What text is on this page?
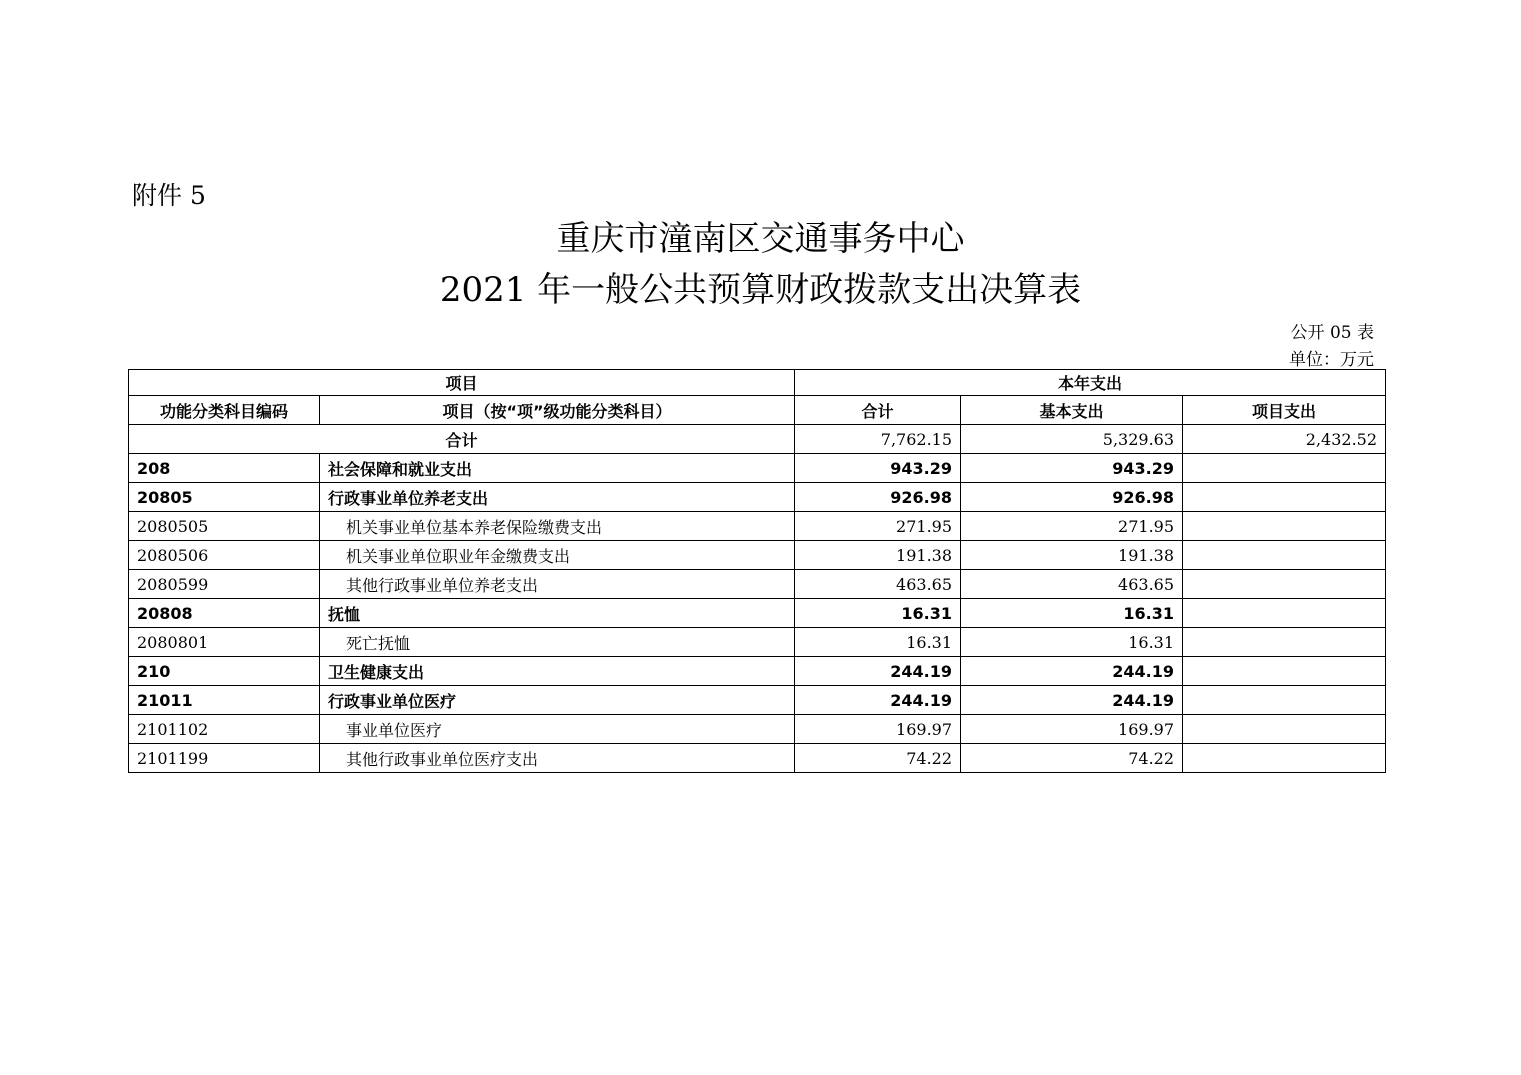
附件 5
重庆市潼南区交通事务中心
2021 年一般公共预算财政拨款支出决算表
公开 05 表
单位：万元
项目		本年支出		
功能分类科目编码	项目（按“项”级功能分类科目）	合计	基本支出	项目支出
合计		7,762.15	5,329.63	2,432.52
208	社会保障和就业支出	943.29	943.29	
20805	行政事业单位养老支出	926.98	926.98	
2080505	机关事业单位基本养老保险缴费支出	271.95	271.95	
2080506	机关事业单位职业年金缴费支出	191.38	191.38	
2080599	其他行政事业单位养老支出	463.65	463.65	
20808	抚恤	16.31	16.31	
2080801	死亡抚恤	16.31	16.31	
210	卫生健康支出	244.19	244.19	
21011	行政事业单位医疗	244.19	244.19	
2101102	事业单位医疗	169.97	169.97	
2101199	其他行政事业单位医疗支出	74.22	74.22	
